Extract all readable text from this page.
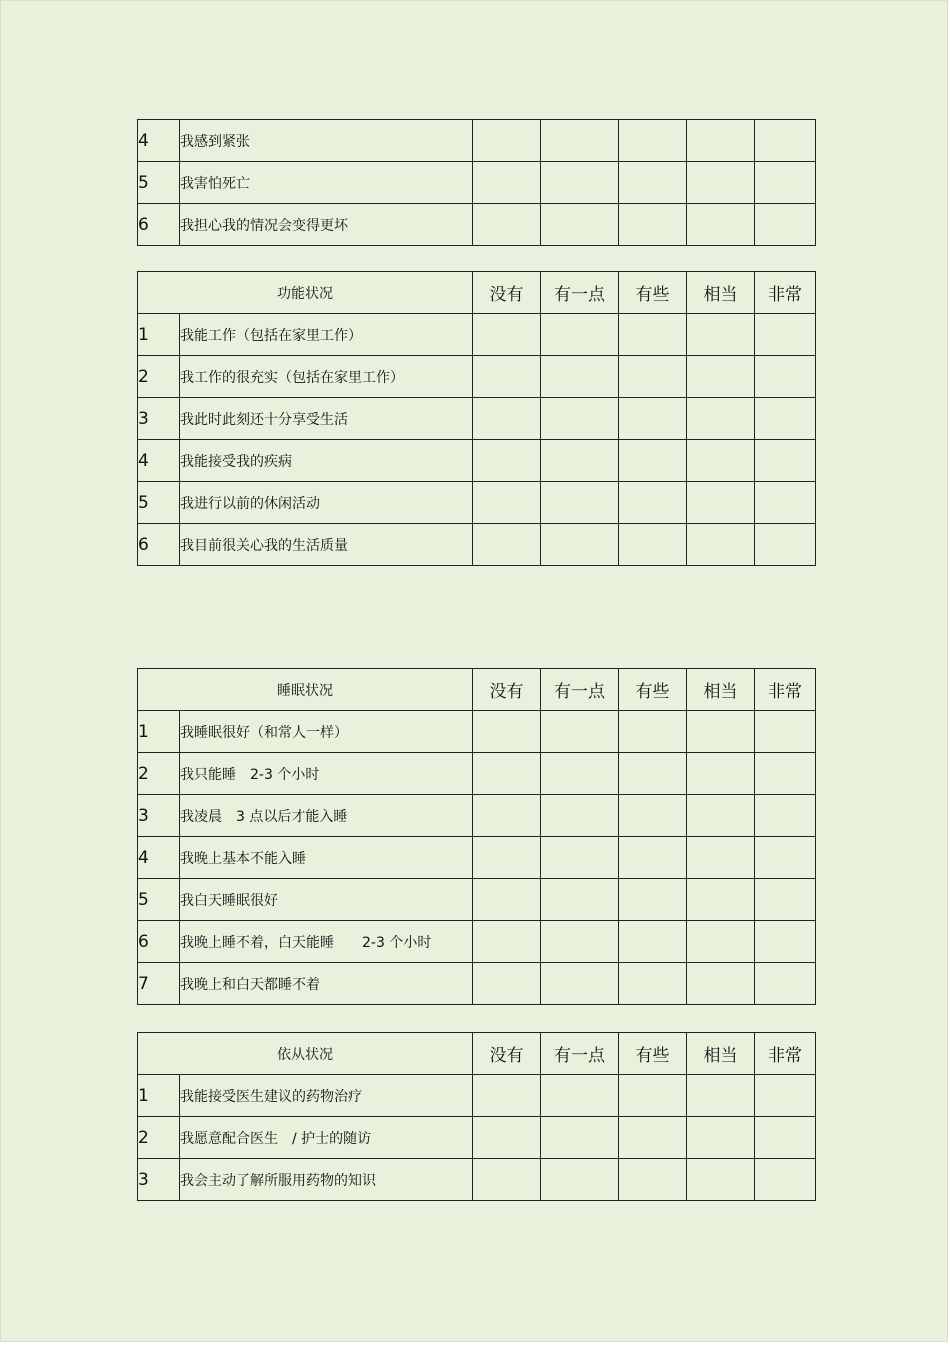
4	我感到紧张					
5	我害怕死亡					
6	我担心我的情况会变得更坏					
功能状况		没有	有一点	有些	相当	非常
1	我能工作（包括在家里工作）					
2	我工作的很充实（包括在家里工作）					
3	我此时此刻还十分享受生活					
4	我能接受我的疾病					
5	我进行以前的休闲活动					
6	我目前很关心我的生活质量					
睡眠状况		没有	有一点	有些	相当	非常
1	我睡眠很好（和常人一样）					
2	我只能睡　2-3 个小时					
3	我凌晨　3 点以后才能入睡					
4	我晚上基本不能入睡					
5	我白天睡眠很好					
6	我晚上睡不着，白天能睡　　2-3 个小时					
7	我晚上和白天都睡不着					
依从状况		没有	有一点	有些	相当	非常
1	我能接受医生建议的药物治疗					
2	我愿意配合医生　/ 护士的随访					
3	我会主动了解所服用药物的知识					
